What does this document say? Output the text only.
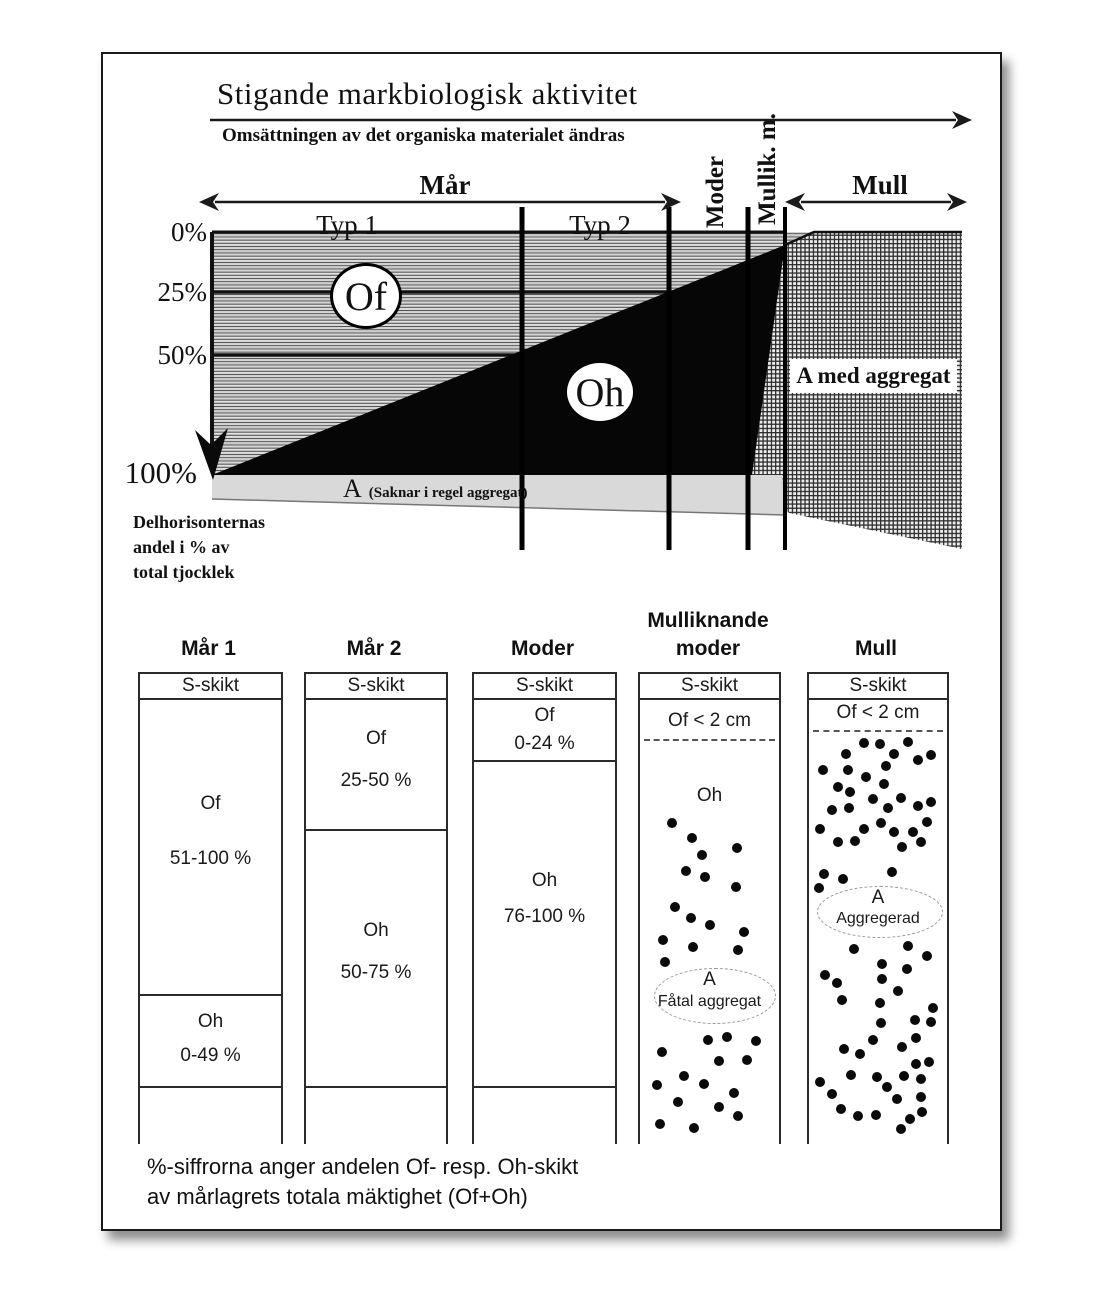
Stigande markbiologisk aktivitet
Omsättningen av det organiska materialet ändras
Mår	Mull
Typ 1	Typ 2	Moder Mullik. m.
0%
25%
50%
100%
Of
Oh	A med aggregat
A (Saknar i regel aggregat)
Delhorisonternas
andel i % av
total tjocklek
Mår 1	Mår 2	Moder
Mulliknande
moder	Mull
S-skikt
Of
51-100 %
Oh
0-49 %
S-skikt
Of
25-50 %
Oh
50-75 %
S-skikt
Of
0-24 %
Oh
76-100 %
S-skikt
Of < 2 cm
Oh
A
Fåtal aggregat
S-skikt
Of < 2 cm
A
Aggregerad
%-siffrorna anger andelen Of- resp. Oh-skikt
av mårlagrets totala mäktighet (Of+Oh)
